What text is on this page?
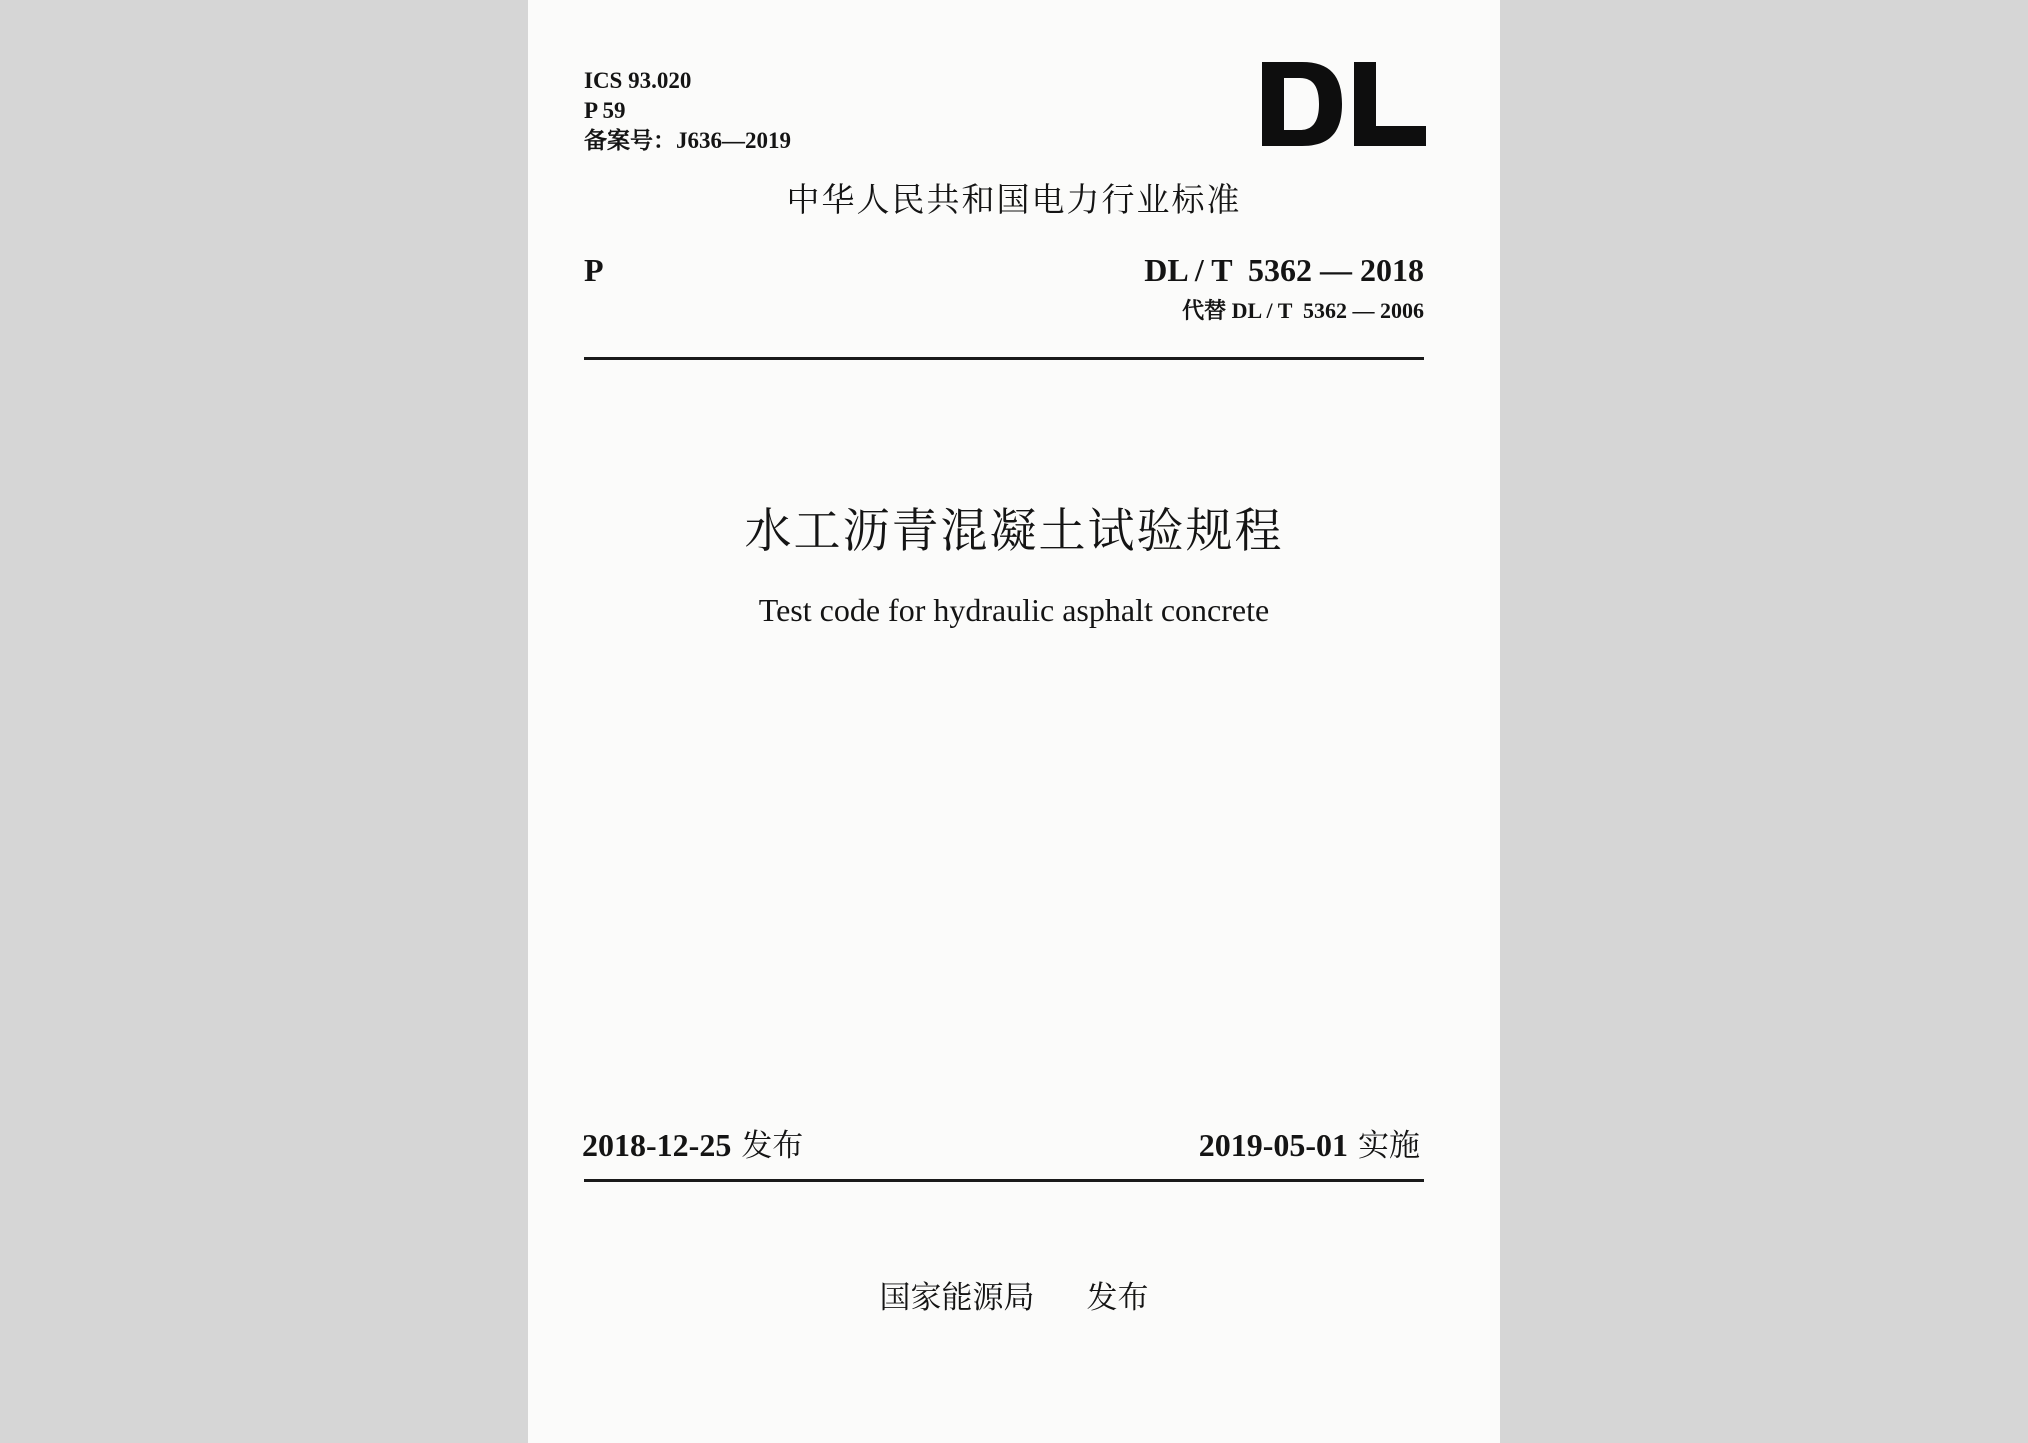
ICS 93.020
P 59
备案号：J636—2019
中华人民共和国电力行业标准
P	DL / T  5362 — 2018
代替 DL / T  5362 — 2006
水工沥青混凝土试验规程
Test code for hydraulic asphalt concrete
2018-12-25 发布	2019-05-01 实施
国家能源局 发布
